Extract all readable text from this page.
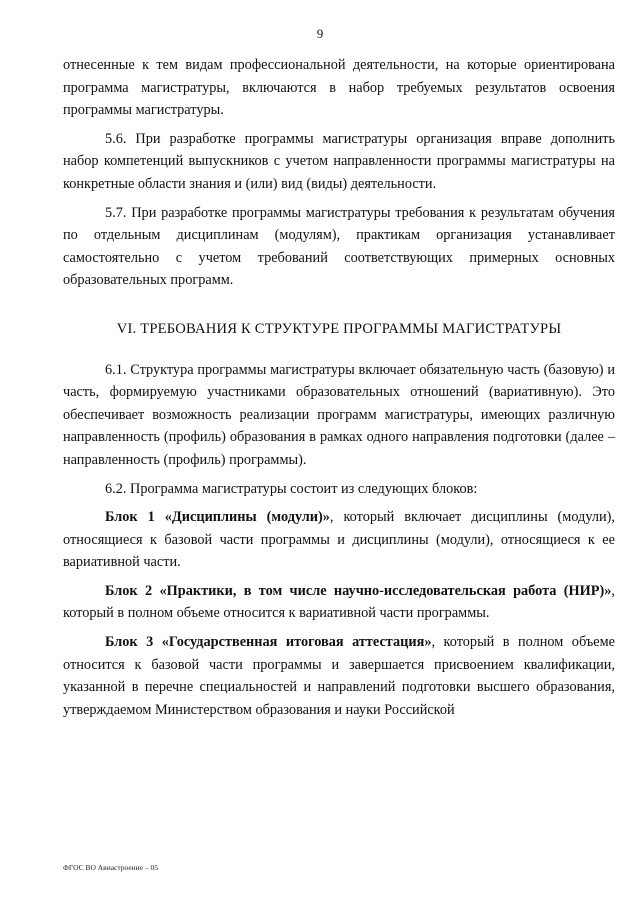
9

отнесенные к тем видам профессиональной деятельности, на которые ориентирована программа магистратуры, включаются в набор требуемых результатов освоения программы магистратуры.

5.6. При разработке программы магистратуры организация вправе дополнить набор компетенций выпускников с учетом направленности программы магистратуры на конкретные области знания и (или) вид (виды) деятельности.

5.7. При разработке программы магистратуры требования к результатам обучения по отдельным дисциплинам (модулям), практикам организация устанавливает самостоятельно с учетом требований соответствующих примерных основных образовательных программ.

VI. ТРЕБОВАНИЯ К СТРУКТУРЕ ПРОГРАММЫ МАГИСТРАТУРЫ

6.1. Структура программы магистратуры включает обязательную часть (базовую) и часть, формируемую участниками образовательных отношений (вариативную). Это обеспечивает возможность реализации программ магистратуры, имеющих различную направленность (профиль) образования в рамках одного направления подготовки (далее – направленность (профиль) программы).

6.2. Программа магистратуры состоит из следующих блоков:

Блок 1 «Дисциплины (модули)», который включает дисциплины (модули), относящиеся к базовой части программы и дисциплины (модули), относящиеся к ее вариативной части.

Блок 2 «Практики, в том числе научно-исследовательская работа (НИР)», который в полном объеме относится к вариативной части программы.

Блок 3 «Государственная итоговая аттестация», который в полном объеме относится к базовой части программы и завершается присвоением квалификации, указанной в перечне специальностей и направлений подготовки высшего образования, утверждаемом Министерством образования и науки Российской

ФГОС ВО Авиастроение – 05
